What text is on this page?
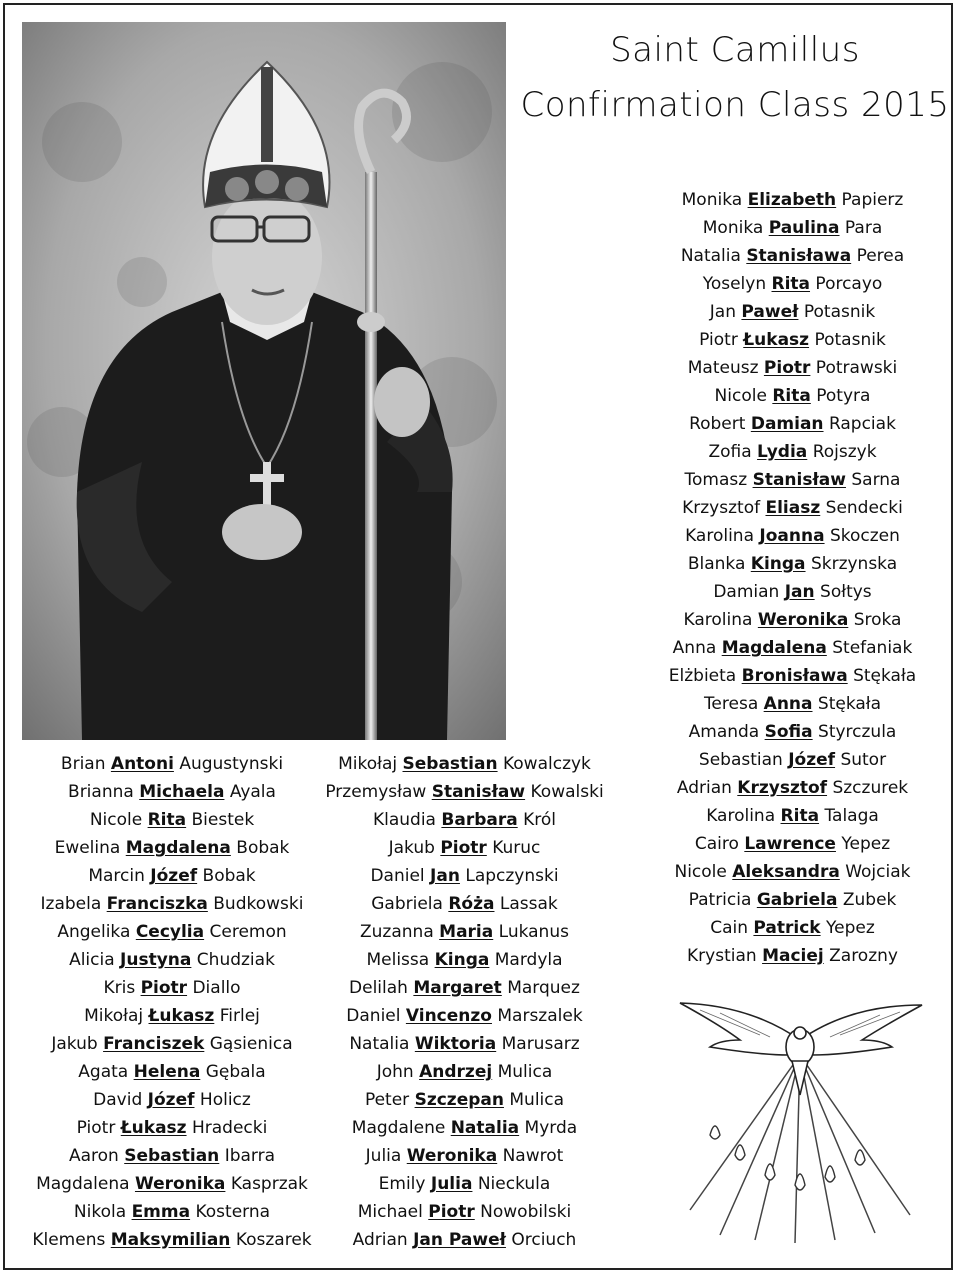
Saint Camillus
Confirmation Class 2015
Brian Antoni Augustynski
Brianna Michaela Ayala
Nicole Rita Biestek
Ewelina Magdalena Bobak
Marcin Józef Bobak
Izabela Franciszka Budkowski
Angelika Cecylia Ceremon
Alicia Justyna Chudziak
Kris Piotr Diallo
Mikołaj Łukasz Firlej
Jakub Franciszek Gąsienica
Agata Helena Gębala
David Józef Holicz
Piotr Łukasz Hradecki
Aaron Sebastian Ibarra
Magdalena Weronika Kasprzak
Nikola Emma Kosterna
Klemens Maksymilian Koszarek
Mikołaj Sebastian Kowalczyk
Przemysław Stanisław Kowalski
Klaudia Barbara Król
Jakub Piotr Kuruc
Daniel Jan Lapczynski
Gabriela Róża Lassak
Zuzanna Maria Lukanus
Melissa Kinga Mardyla
Delilah Margaret Marquez
Daniel Vincenzo Marszalek
Natalia Wiktoria Marusarz
John Andrzej Mulica
Peter Szczepan Mulica
Magdalene Natalia Myrda
Julia Weronika Nawrot
Emily Julia Nieckula
Michael Piotr Nowobilski
Adrian Jan Paweł Orciuch
Monika Elizabeth Papierz
Monika Paulina Para
Natalia Stanisława Perea
Yoselyn Rita Porcayo
Jan Paweł Potasnik
Piotr Łukasz Potasnik
Mateusz Piotr Potrawski
Nicole Rita Potyra
Robert Damian Rapciak
Zofia Lydia Rojszyk
Tomasz Stanisław Sarna
Krzysztof Eliasz Sendecki
Karolina Joanna Skoczen
Blanka Kinga Skrzynska
Damian Jan Sołtys
Karolina Weronika Sroka
Anna Magdalena Stefaniak
Elżbieta Bronisława Stękała
Teresa Anna Stękała
Amanda Sofia Styrczula
Sebastian Józef Sutor
Adrian Krzysztof Szczurek
Karolina Rita Talaga
Cairo Lawrence Yepez
Nicole Aleksandra Wojciak
Patricia Gabriela Zubek
Cain Patrick Yepez
Krystian Maciej Zarozny
